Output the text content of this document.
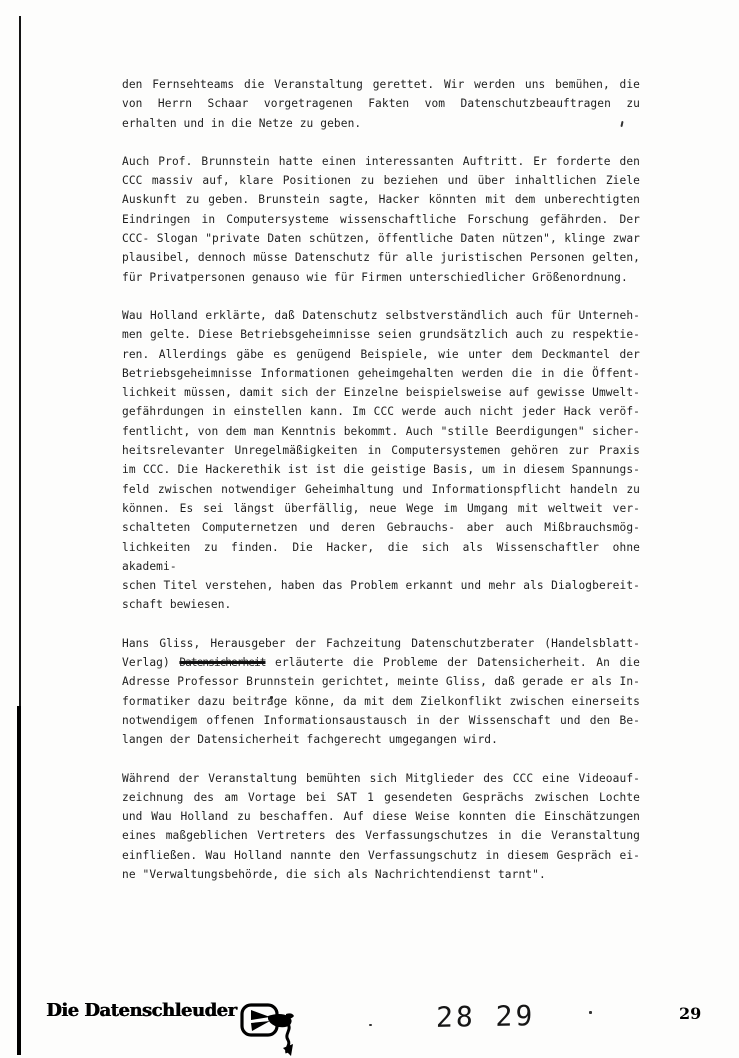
den Fernsehteams die Veranstaltung gerettet. Wir werden uns bemühen, die
von Herrn Schaar vorgetragenen Fakten vom Datenschutzbeauftragen zu
erhalten und in die Netze zu geben.
Auch Prof. Brunnstein hatte einen interessanten Auftritt. Er forderte den
CCC massiv auf, klare Positionen zu beziehen und über inhaltlichen Ziele
Auskunft zu geben. Brunstein sagte, Hacker könnten mit dem unberechtigten
Eindringen in Computersysteme wissenschaftliche Forschung gefährden. Der
CCC- Slogan "private Daten schützen, öffentliche Daten nützen", klinge zwar
plausibel, dennoch müsse Datenschutz für alle juristischen Personen gelten,
für Privatpersonen genauso wie für Firmen unterschiedlicher Größenordnung.
Wau Holland erklärte, daß Datenschutz selbstverständlich auch für Unterneh-
men gelte. Diese Betriebsgeheimnisse seien grundsätzlich auch zu respektie-
ren. Allerdings gäbe es genügend Beispiele, wie unter dem Deckmantel der
Betriebsgeheimnisse Informationen geheimgehalten werden die in die Öffent-
lichkeit müssen, damit sich der Einzelne beispielsweise auf gewisse Umwelt-
gefährdungen in einstellen kann. Im CCC werde auch nicht jeder Hack veröf-
fentlicht, von dem man Kenntnis bekommt. Auch "stille Beerdigungen" sicher-
heitsrelevanter Unregelmäßigkeiten in Computersystemen gehören zur Praxis
im CCC. Die Hackerethik ist ist die geistige Basis, um in diesem Spannungs-
feld zwischen notwendiger Geheimhaltung und Informationspflicht handeln zu
können. Es sei längst überfällig, neue Wege im Umgang mit weltweit ver-
schalteten Computernetzen und deren Gebrauchs- aber auch Mißbrauchsmög-
lichkeiten zu finden. Die Hacker, die sich als Wissenschaftler ohne akademi-
schen Titel verstehen, haben das Problem erkannt und mehr als Dialogbereit-
schaft bewiesen.
Hans Gliss, Herausgeber der Fachzeitung Datenschutzberater (Handelsblatt-
Verlag) Datensicherheit erläuterte die Probleme der Datensicherheit. An die
Adresse Professor Brunnstein gerichtet, meinte Gliss, daß gerade er als In-
formatiker dazu beitrage könne, da mit dem Zielkonflikt zwischen einerseits
notwendigem offenen Informationsaustausch in der Wissenschaft und den Be-
langen der Datensicherheit fachgerecht umgegangen wird.
Während der Veranstaltung bemühten sich Mitglieder des CCC eine Videoauf-
zeichnung des am Vortage bei SAT 1 gesendeten Gesprächs zwischen Lochte
und Wau Holland zu beschaffen. Auf diese Weise konnten die Einschätzungen
eines maßgeblichen Vertreters des Verfassungschutzes in die Veranstaltung
einfließen. Wau Holland nannte den Verfassungschutz in diesem Gespräch ei-
ne "Verwaltungsbehörde, die sich als Nachrichtendienst tarnt".
Die Datenschleuder	28 29	29
